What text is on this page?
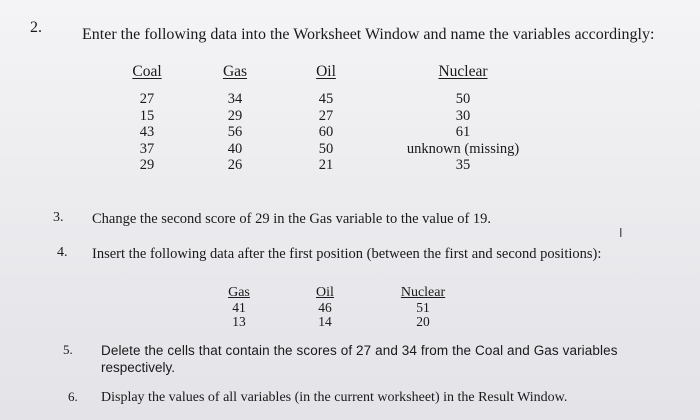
2.	Enter the following data into the Worksheet Window and name the variables accordingly:
Coal
27
15
43
37
29
Gas
34
29
56
40
26
Oil
45
27
60
50
21
Nuclear
50
30
61
unknown (missing)
35
3. Change the second score of 29 in the Gas variable to the value of 19.
I
4. Insert the following data after the first position (between the first and second positions):
Gas
41
13
Oil
46
14
Nuclear
51
20
5. Delete the cells that contain the scores of 27 and 34 from the Coal and Gas variables
respectively.
6. Display the values of all variables (in the current worksheet) in the Result Window.
